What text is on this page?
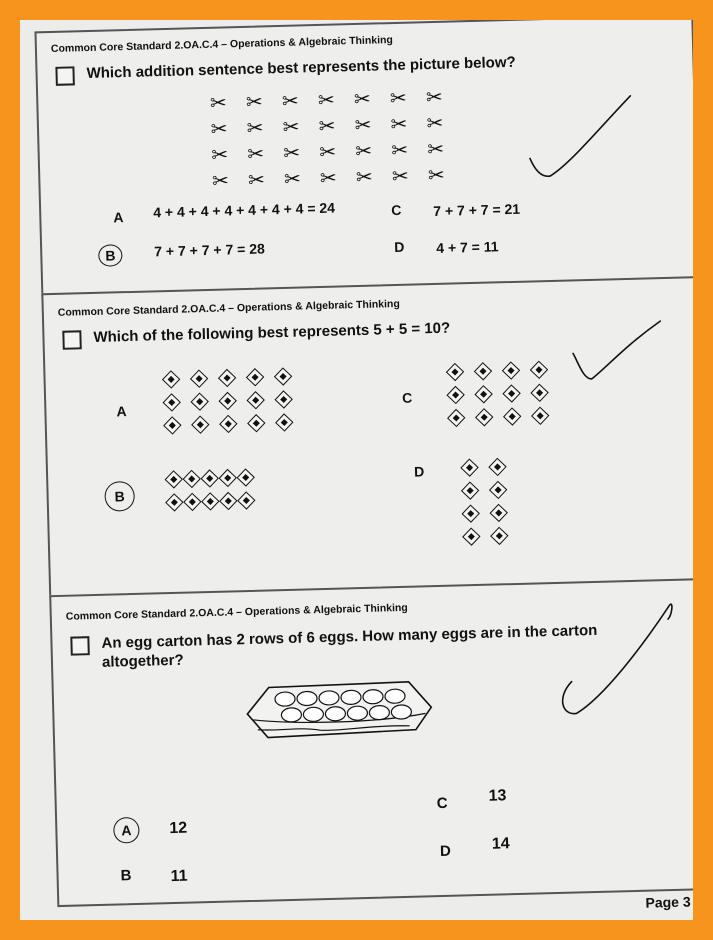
Common Core Standard 2.OA.C.4 – Operations & Algebraic Thinking
Which addition sentence best represents the picture below?
✂ ✂ ✂ ✂ ✂ ✂ ✂
✂ ✂ ✂ ✂ ✂ ✂ ✂
✂ ✂ ✂ ✂ ✂ ✂ ✂
✂ ✂ ✂ ✂ ✂ ✂ ✂
A 4 + 4 + 4 + 4 + 4 + 4 + 4 = 24
B	7 + 7 + 7 + 7 = 28
C 7 + 7 + 7 = 21
D 4 + 7 = 11
Common Core Standard 2.OA.C.4 – Operations & Algebraic Thinking
Which of the following best represents 5 + 5 = 10?
A
B
C
D
Common Core Standard 2.OA.C.4 – Operations & Algebraic Thinking
An egg carton has 2 rows of 6 eggs. How many eggs are in the carton
altogether?
A	12
B 11
C	13
D	14
Page 3
